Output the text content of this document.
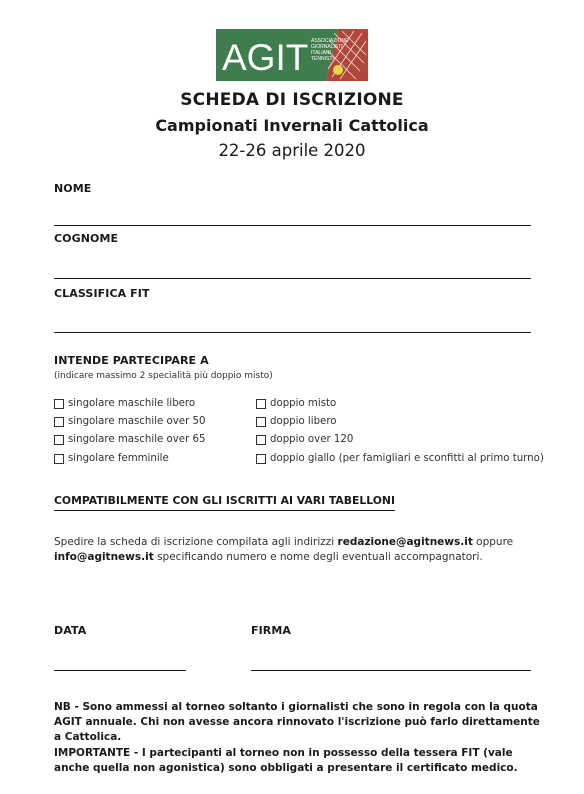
AGIT ASSOCIAZIONE
GIORNALISTI
ITALIANI
TENNISTI
SCHEDA DI ISCRIZIONE
Campionati Invernali Cattolica
22-26 aprile 2020
NOME
COGNOME
CLASSIFICA FIT
INTENDE PARTECIPARE A
(indicare massimo 2 specialità più doppio misto)
singolare maschile libero
singolare maschile over 50
singolare maschile over 65
singolare femminile
doppio misto
doppio libero
doppio over 120
doppio giallo (per famigliari e sconfitti al primo turno)
COMPATIBILMENTE CON GLI ISCRITTI AI VARI TABELLONI
Spedire la scheda di iscrizione compilata agli indirizzi redazione@agitnews.it oppure
info@agitnews.it specificando numero e nome degli eventuali accompagnatori.
DATA	FIRMA
NB - Sono ammessi al torneo soltanto i giornalisti che sono in regola con la quota AGIT annuale. Chi non avesse ancora rinnovato l'iscrizione può farlo direttamente a Cattolica.
IMPORTANTE - I partecipanti al torneo non in possesso della tessera FIT (vale anche quella non agonistica) sono obbligati a presentare il certificato medico.
